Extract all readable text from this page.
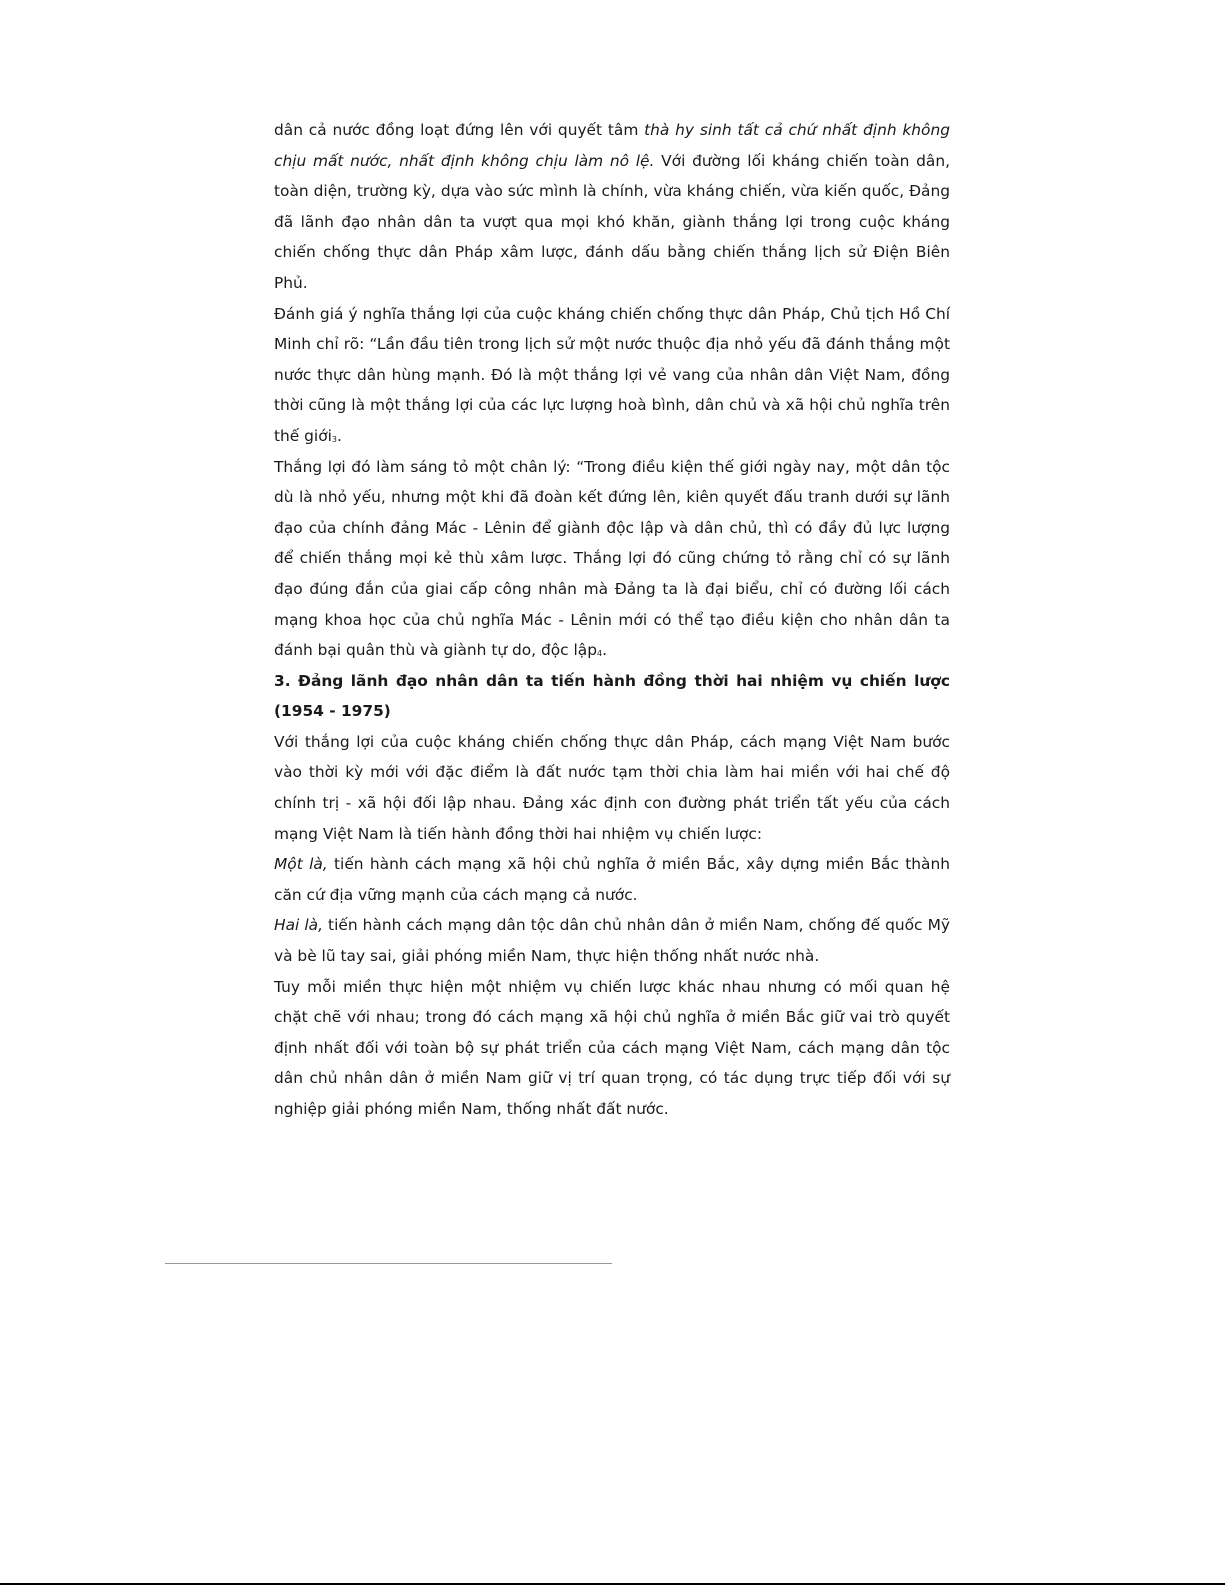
dân cả nước đồng loạt đứng lên với quyết tâm thà hy sinh tất cả chứ nhất định không chịu mất nước, nhất định không chịu làm nô lệ. Với đường lối kháng chiến toàn dân, toàn diện, trường kỳ, dựa vào sức mình là chính, vừa kháng chiến, vừa kiến quốc, Đảng đã lãnh đạo nhân dân ta vượt qua mọi khó khăn, giành thắng lợi trong cuộc kháng chiến chống thực dân Pháp xâm lược, đánh dấu bằng chiến thắng lịch sử Điện Biên Phủ.

Đánh giá ý nghĩa thắng lợi của cuộc kháng chiến chống thực dân Pháp, Chủ tịch Hồ Chí Minh chỉ rõ: “Lần đầu tiên trong lịch sử một nước thuộc địa nhỏ yếu đã đánh thắng một nước thực dân hùng mạnh. Đó là một thắng lợi vẻ vang của nhân dân Việt Nam, đồng thời cũng là một thắng lợi của các lực lượng hoà bình, dân chủ và xã hội chủ nghĩa trên thế giới$_3$.

Thắng lợi đó làm sáng tỏ một chân lý: “Trong điều kiện thế giới ngày nay, một dân tộc dù là nhỏ yếu, nhưng một khi đã đoàn kết đứng lên, kiên quyết đấu tranh dưới sự lãnh đạo của chính đảng Mác - Lênin để giành độc lập và dân chủ, thì có đầy đủ lực lượng để chiến thắng mọi kẻ thù xâm lược. Thắng lợi đó cũng chứng tỏ rằng chỉ có sự lãnh đạo đúng đắn của giai cấp công nhân mà Đảng ta là đại biểu, chỉ có đường lối cách mạng khoa học của chủ nghĩa Mác - Lênin mới có thể tạo điều kiện cho nhân dân ta đánh bại quân thù và giành tự do, độc lập$_4$.

3. Đảng lãnh đạo nhân dân ta tiến hành đồng thời hai nhiệm vụ chiến lược (1954 - 1975)

Với thắng lợi của cuộc kháng chiến chống thực dân Pháp, cách mạng Việt Nam bước vào thời kỳ mới với đặc điểm là đất nước tạm thời chia làm hai miền với hai chế độ chính trị - xã hội đối lập nhau. Đảng xác định con đường phát triển tất yếu của cách mạng Việt Nam là tiến hành đồng thời hai nhiệm vụ chiến lược:

Một là, tiến hành cách mạng xã hội chủ nghĩa ở miền Bắc, xây dựng miền Bắc thành căn cứ địa vững mạnh của cách mạng cả nước.

Hai là, tiến hành cách mạng dân tộc dân chủ nhân dân ở miền Nam, chống đế quốc Mỹ và bè lũ tay sai, giải phóng miền Nam, thực hiện thống nhất nước nhà.

Tuy mỗi miền thực hiện một nhiệm vụ chiến lược khác nhau nhưng có mối quan hệ chặt chẽ với nhau; trong đó cách mạng xã hội chủ nghĩa ở miền Bắc giữ vai trò quyết định nhất đối với toàn bộ sự phát triển của cách mạng Việt Nam, cách mạng dân tộc dân chủ nhân dân ở miền Nam giữ vị trí quan trọng, có tác dụng trực tiếp đối với sự nghiệp giải phóng miền Nam, thống nhất đất nước.
